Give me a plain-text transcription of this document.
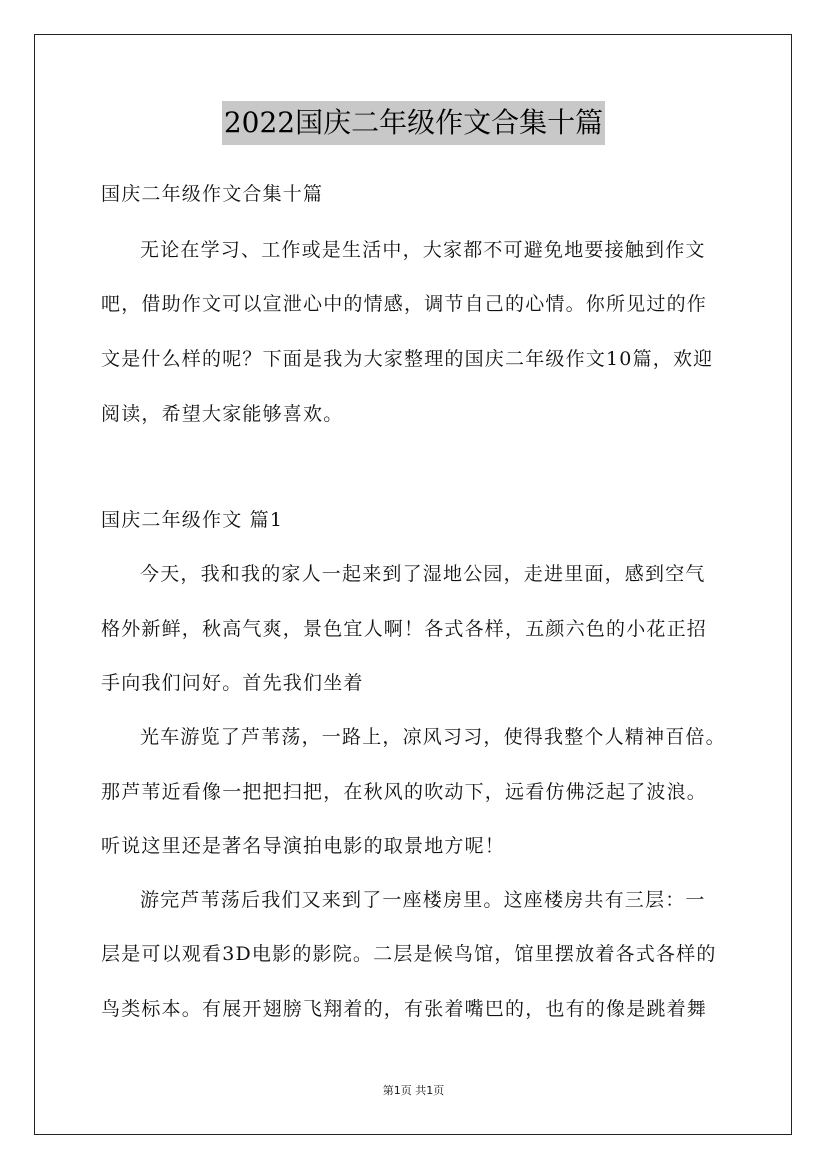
2022国庆二年级作文合集十篇
国庆二年级作文合集十篇
无论在学习、工作或是生活中，大家都不可避免地要接触到作文
吧，借助作文可以宣泄心中的情感，调节自己的心情。你所见过的作
文是什么样的呢？下面是我为大家整理的国庆二年级作文10篇，欢迎
阅读，希望大家能够喜欢。
国庆二年级作文 篇1
今天，我和我的家人一起来到了湿地公园，走进里面，感到空气
格外新鲜，秋高气爽，景色宜人啊！各式各样，五颜六色的小花正招
手向我们问好。首先我们坐着
光车游览了芦苇荡，一路上，凉风习习，使得我整个人精神百倍。
那芦苇近看像一把把扫把，在秋风的吹动下，远看仿佛泛起了波浪。
听说这里还是著名导演拍电影的取景地方呢！
游完芦苇荡后我们又来到了一座楼房里。这座楼房共有三层：一
层是可以观看3D电影的影院。二层是候鸟馆，馆里摆放着各式各样的
鸟类标本。有展开翅膀飞翔着的，有张着嘴巴的，也有的像是跳着舞
第1页 共1页
